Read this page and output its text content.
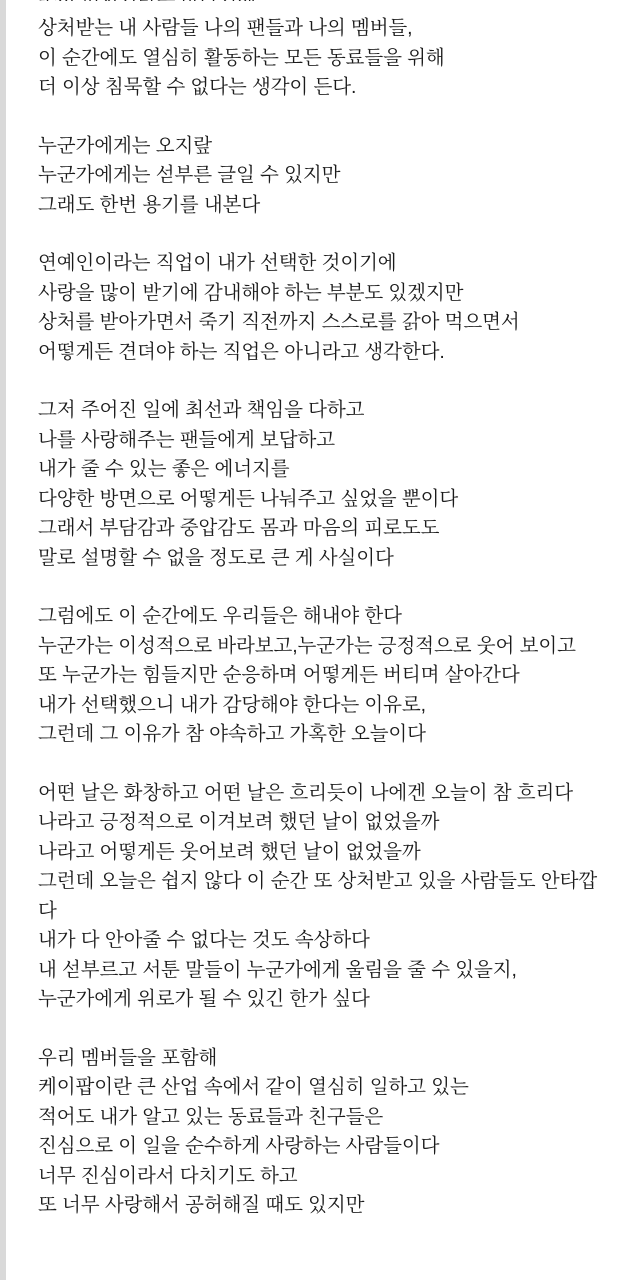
상처받는 내 사람들 나의 팬들과 나의 멤버들,

이 순간에도 열심히 활동하는 모든 동료들을 위해

더 이상 침묵할 수 없다는 생각이 든다.

누군가에게는 오지랖

누군가에게는 섣부른 글일 수 있지만

그래도 한번 용기를 내본다

연예인이라는 직업이 내가 선택한 것이기에

사랑을 많이 받기에 감내해야 하는 부분도 있겠지만

상처를 받아가면서 죽기 직전까지 스스로를 갉아 먹으면서

어떻게든 견뎌야 하는 직업은 아니라고 생각한다.

그저 주어진 일에 최선과 책임을 다하고

나를 사랑해주는 팬들에게 보답하고

내가 줄 수 있는 좋은 에너지를

다양한 방면으로 어떻게든 나눠주고 싶었을 뿐이다

그래서 부담감과 중압감도 몸과 마음의 피로도도

말로 설명할 수 없을 정도로 큰 게 사실이다

그럼에도 이 순간에도 우리들은 해내야 한다

누군가는 이성적으로 바라보고,누군가는 긍정적으로 웃어 보이고

또 누군가는 힘들지만 순응하며 어떻게든 버티며 살아간다

내가 선택했으니 내가 감당해야 한다는 이유로,

그런데 그 이유가 참 야속하고 가혹한 오늘이다

어떤 날은 화창하고 어떤 날은 흐리듯이 나에겐 오늘이 참 흐리다

나라고 긍정적으로 이겨보려 했던 날이 없었을까

나라고 어떻게든 웃어보려 했던 날이 없었을까

그런데 오늘은 쉽지 않다 이 순간 또 상처받고 있을 사람들도 안타깝다

내가 다 안아줄 수 없다는 것도 속상하다

내 섣부르고 서툰 말들이 누군가에게 울림을 줄 수 있을지,

누군가에게 위로가 될 수 있긴 한가 싶다

우리 멤버들을 포함해

케이팝이란 큰 산업 속에서 같이 열심히 일하고 있는

적어도 내가 알고 있는 동료들과 친구들은

진심으로 이 일을 순수하게 사랑하는 사람들이다

너무 진심이라서 다치기도 하고

또 너무 사랑해서 공허해질 때도 있지만
